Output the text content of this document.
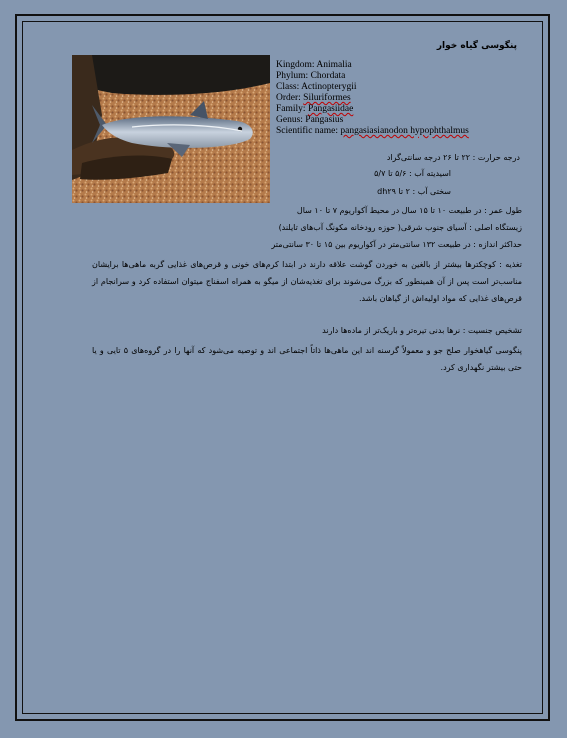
پنگوسی گیاه خوار
Kingdom: Animalia
Phylum: Chordata
Class: Actinopterygii
Order: Siluriformes
Family: Pangasiidae
Genus: Pangasius
Scientific name: pangasiasianodon hypophthalmus
درجه حرارت : ۲۲ تا ۲۶ درجه سانتی‌گراد
اسیدیته آب : ۵/۶ تا ۵/۷
سختی آب : ۲ تا dh۲۹
طول عمر : در طبیعت ۱۰ تا ۱۵ سال در محیط آکواریوم ۷ تا ۱۰ سال
زیستگاه اصلی : آسیای جنوب شرقی( حوزه رودخانه مکونگ آب‌های تایلند)
حداکثر اندازه : در طبیعت ۱۳۲ سانتی‌متر در آکواریوم بین ۱۵ تا ۳۰ سانتی‌متر
تغذیه : کوچکترها بیشتر از بالغین به خوردن گوشت علاقه دارند در ابتدا کرم‌های خونی و قرص‌های غذایی گربه ماهی‌ها برایشان مناسب‌تر است پس از آن همینطور که بزرگ می‌شوند برای تغذیه‌شان از میگو به همراه اسفناج میتوان استفاده کرد و سرانجام از قرص‌های غذایی که مواد اولیه‌اش از گیاهان باشد.
تشخیص جنسیت : نرها بدنی تیره‌تر و باریک‌تر از ماده‌ها دارند
پنگوسی گیاهخوار صلح جو و معمولاً گرسنه اند این ماهی‌ها ذاتاً اجتماعی اند و توصیه می‌شود که آنها را در گروه‌های ۵ تایی و یا حتی بیشتر نگهداری کرد.
